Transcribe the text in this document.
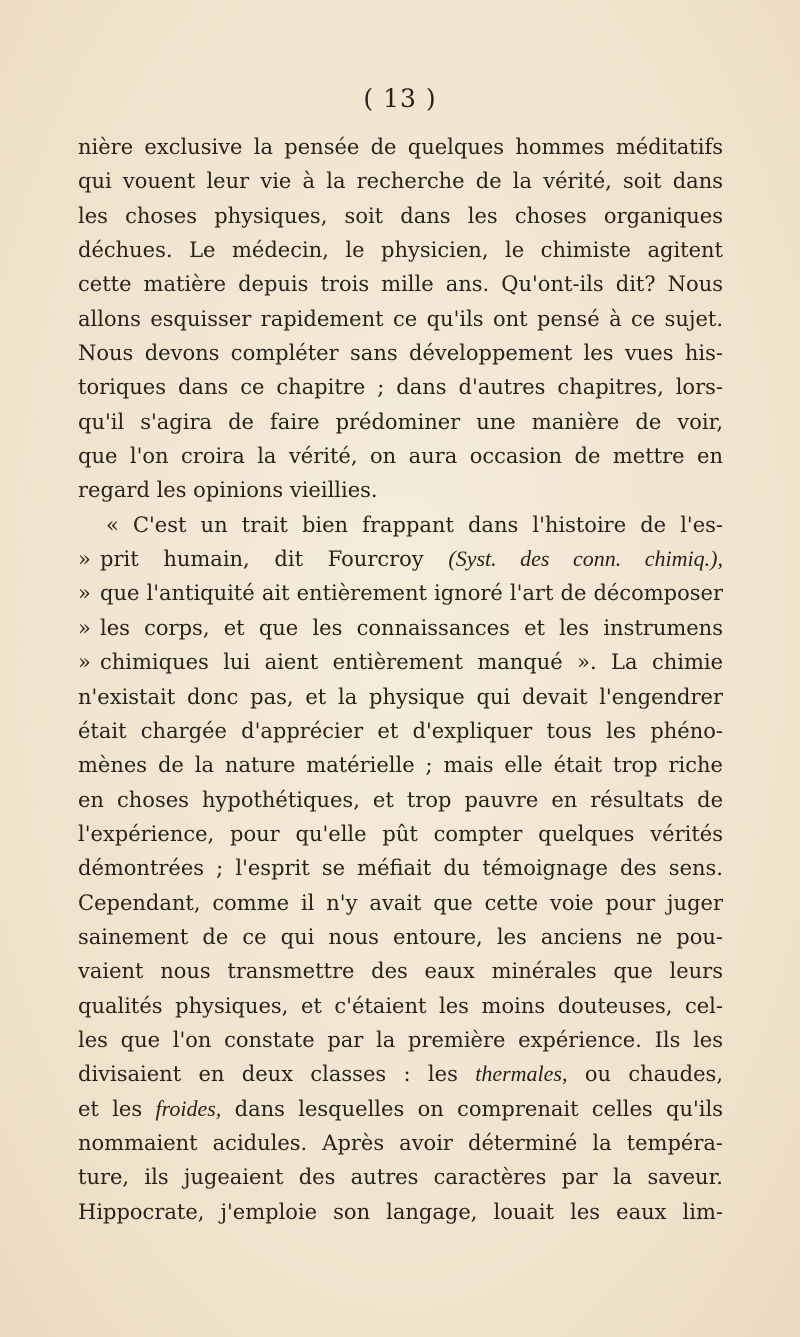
( 13 )
nière exclusive la pensée de quelques hommes méditatifs
qui vouent leur vie à la recherche de la vérité, soit dans
les choses physiques, soit dans les choses organiques
déchues. Le médecin, le physicien, le chimiste agitent
cette matière depuis trois mille ans. Qu'ont-ils dit? Nous
allons esquisser rapidement ce qu'ils ont pensé à ce sujet.
Nous devons compléter sans développement les vues his-
toriques dans ce chapitre ; dans d'autres chapitres, lors-
qu'il s'agira de faire prédominer une manière de voir,
que l'on croira la vérité, on aura occasion de mettre en
regard les opinions vieillies.
« C'est un trait bien frappant dans l'histoire de l'es-
» prit humain, dit Fourcroy (Syst. des conn. chimiq.),
» que l'antiquité ait entièrement ignoré l'art de décomposer
» les corps, et que les connaissances et les instrumens
» chimiques lui aient entièrement manqué ». La chimie
n'existait donc pas, et la physique qui devait l'engendrer
était chargée d'apprécier et d'expliquer tous les phéno-
mènes de la nature matérielle ; mais elle était trop riche
en choses hypothétiques, et trop pauvre en résultats de
l'expérience, pour qu'elle pût compter quelques vérités
démontrées ; l'esprit se méfiait du témoignage des sens.
Cependant, comme il n'y avait que cette voie pour juger
sainement de ce qui nous entoure, les anciens ne pou-
vaient nous transmettre des eaux minérales que leurs
qualités physiques, et c'étaient les moins douteuses, cel-
les que l'on constate par la première expérience. Ils les
divisaient en deux classes : les thermales, ou chaudes,
et les froides, dans lesquelles on comprenait celles qu'ils
nommaient acidules. Après avoir déterminé la tempéra-
ture, ils jugeaient des autres caractères par la saveur.
Hippocrate, j'emploie son langage, louait les eaux lim-
